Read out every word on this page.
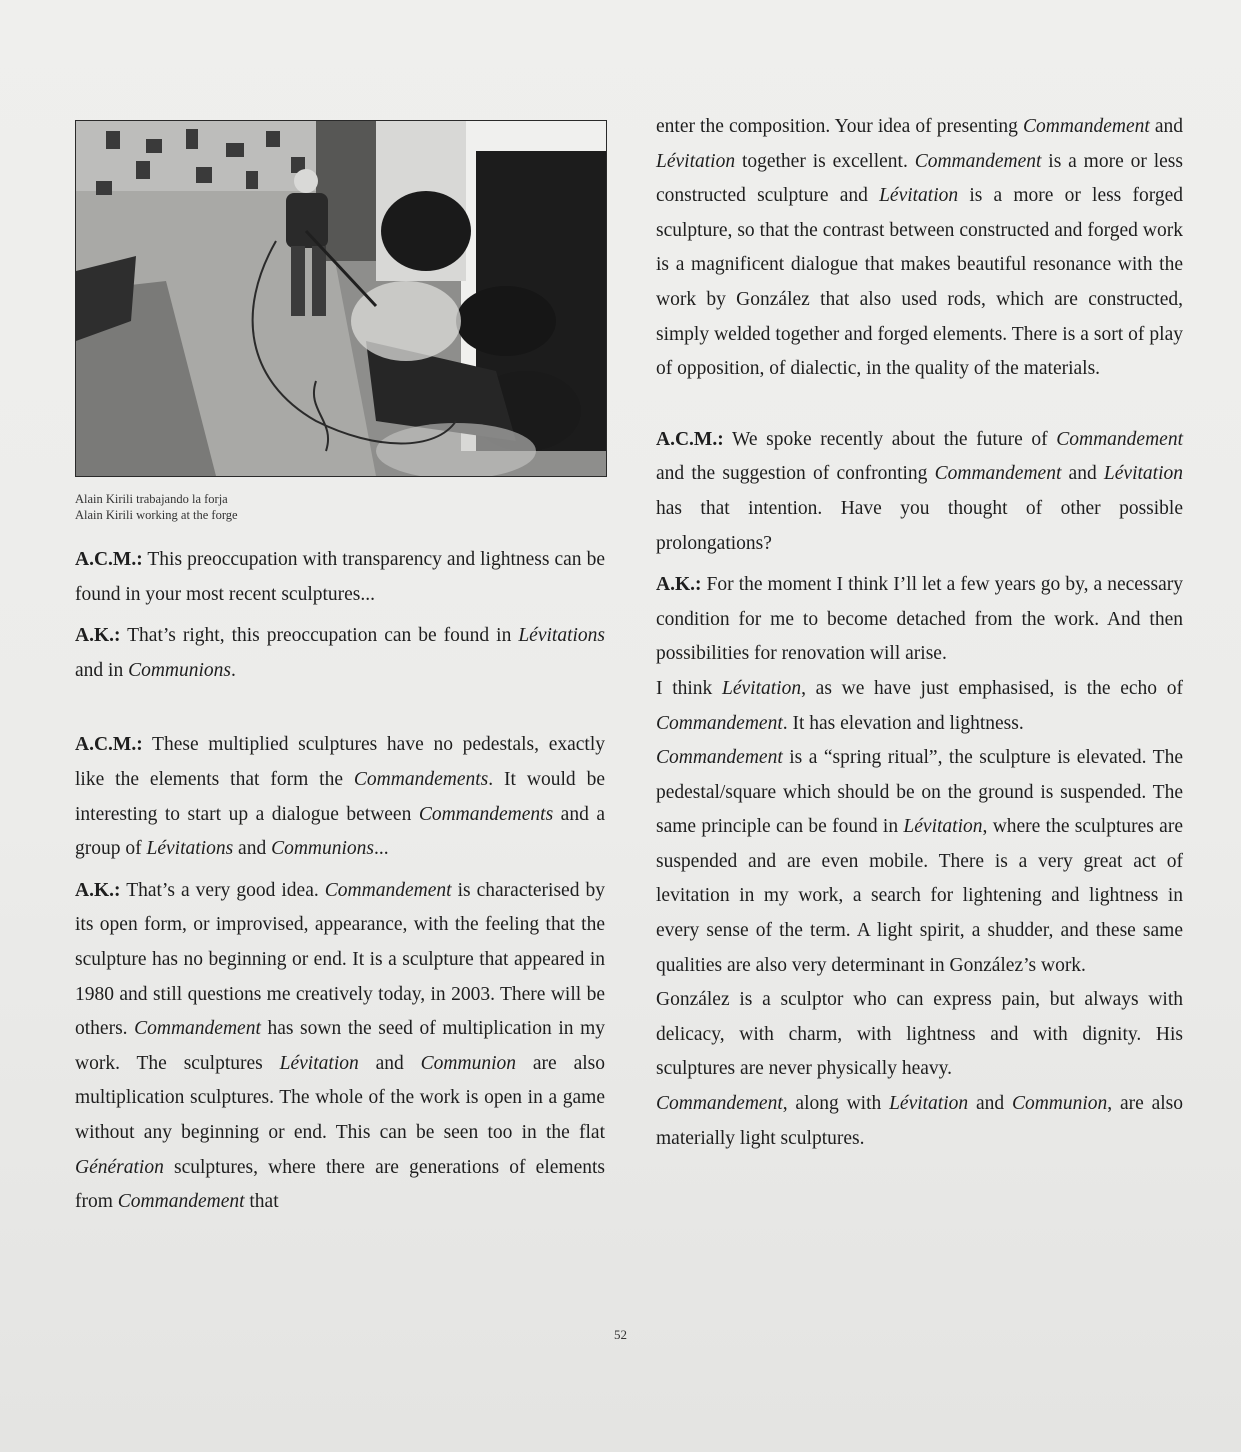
Alain Kirili trabajando la forja
Alain Kirili working at the forge

A.C.M.: This preoccupation with transparency and lightness can be found in your most recent sculptures...

A.K.: That’s right, this preoccupation can be found in Lévitations and in Communions.

A.C.M.: These multiplied sculptures have no pedestals, exactly like the elements that form the Commandements. It would be interesting to start up a dialogue between Commandements and a group of Lévitations and Communions...

A.K.: That’s a very good idea. Commandement is characterised by its open form, or improvised, appearance, with the feeling that the sculpture has no beginning or end. It is a sculpture that appeared in 1980 and still questions me creatively today, in 2003. There will be others. Commandement has sown the seed of multiplication in my work. The sculptures Lévitation and Communion are also multiplication sculptures. The whole of the work is open in a game without any beginning or end. This can be seen too in the flat Génération sculptures, where there are generations of elements from Commandement that

enter the composition. Your idea of presenting Commandement and Lévitation together is excellent. Commandement is a more or less constructed sculpture and Lévitation is a more or less forged sculpture, so that the contrast between constructed and forged work is a magnificent dialogue that makes beautiful resonance with the work by González that also used rods, which are constructed, simply welded together and forged elements. There is a sort of play of opposition, of dialectic, in the quality of the materials.

A.C.M.: We spoke recently about the future of Commandement and the suggestion of confronting Commandement and Lévitation has that intention. Have you thought of other possible prolongations?

A.K.: For the moment I think I’ll let a few years go by, a necessary condition for me to become detached from the work. And then possibilities for renovation will arise.

I think Lévitation, as we have just emphasised, is the echo of Commandement. It has elevation and lightness.

Commandement is a “spring ritual”, the sculpture is elevated. The pedestal/square which should be on the ground is suspended. The same principle can be found in Lévitation, where the sculptures are suspended and are even mobile. There is a very great act of levitation in my work, a search for lightening and lightness in every sense of the term. A light spirit, a shudder, and these same qualities are also very determinant in González’s work.

González is a sculptor who can express pain, but always with delicacy, with charm, with lightness and with dignity. His sculptures are never physically heavy.

Commandement, along with Lévitation and Communion, are also materially light sculptures.

52
